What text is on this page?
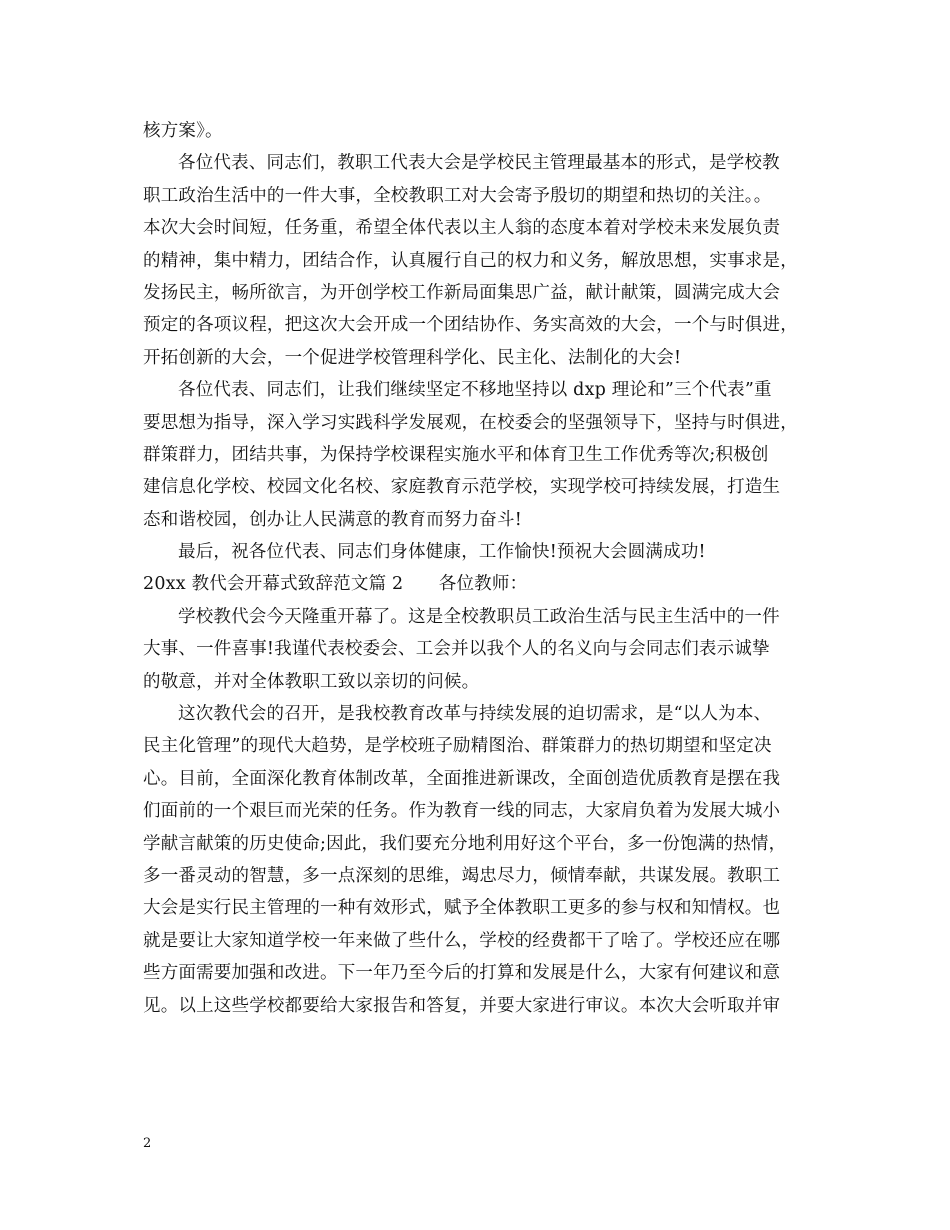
核方案》。
各位代表、同志们，教职工代表大会是学校民主管理最基本的形式，是学校教
职工政治生活中的一件大事，全校教职工对大会寄予殷切的期望和热切的关注。。
本次大会时间短，任务重，希望全体代表以主人翁的态度本着对学校未来发展负责
的精神，集中精力，团结合作，认真履行自己的权力和义务，解放思想，实事求是，
发扬民主，畅所欲言，为开创学校工作新局面集思广益，献计献策，圆满完成大会
预定的各项议程，把这次大会开成一个团结协作、务实高效的大会，一个与时俱进，
开拓创新的大会，一个促进学校管理科学化、民主化、法制化的大会!
各位代表、同志们，让我们继续坚定不移地坚持以 dxp 理论和”三个代表”重
要思想为指导，深入学习实践科学发展观，在校委会的坚强领导下，坚持与时俱进，
群策群力，团结共事，为保持学校课程实施水平和体育卫生工作优秀等次;积极创
建信息化学校、校园文化名校、家庭教育示范学校，实现学校可持续发展，打造生
态和谐校园，创办让人民满意的教育而努力奋斗!
最后，祝各位代表、同志们身体健康，工作愉快!预祝大会圆满成功!
20xx 教代会开幕式致辞范文篇 2　　各位教师：
学校教代会今天隆重开幕了。这是全校教职员工政治生活与民主生活中的一件
大事、一件喜事!我谨代表校委会、工会并以我个人的名义向与会同志们表示诚挚
的敬意，并对全体教职工致以亲切的问候。
这次教代会的召开，是我校教育改革与持续发展的迫切需求，是“以人为本、
民主化管理”的现代大趋势，是学校班子励精图治、群策群力的热切期望和坚定决
心。目前，全面深化教育体制改革，全面推进新课改，全面创造优质教育是摆在我
们面前的一个艰巨而光荣的任务。作为教育一线的同志，大家肩负着为发展大城小
学献言献策的历史使命;因此，我们要充分地利用好这个平台，多一份饱满的热情，
多一番灵动的智慧，多一点深刻的思维，竭忠尽力，倾情奉献，共谋发展。教职工
大会是实行民主管理的一种有效形式，赋予全体教职工更多的参与权和知情权。也
就是要让大家知道学校一年来做了些什么，学校的经费都干了啥了。学校还应在哪
些方面需要加强和改进。下一年乃至今后的打算和发展是什么，大家有何建议和意
见。以上这些学校都要给大家报告和答复，并要大家进行审议。本次大会听取并审
2
